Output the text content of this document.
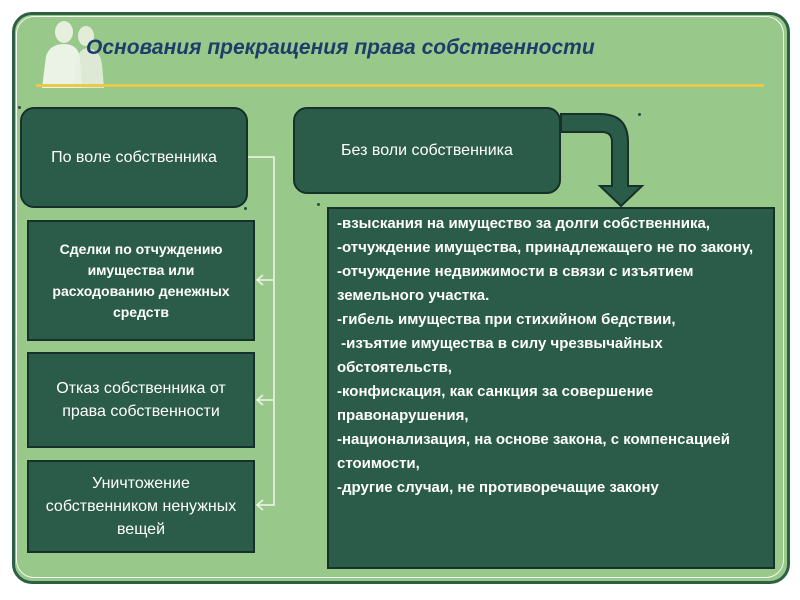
Основания прекращения права собственности
По воле собственника	Без воли собственника
Сделки по отчуждению имущества или расходованию денежных средств
Отказ собственника от права собственности
Уничтожение собственником ненужных вещей
-взыскания на имущество за долги собственника,
-отчуждение имущества, принадлежащего не по закону,
-отчуждение недвижимости в связи с изъятием земельного участка.
-гибель имущества при стихийном бедствии,
-изъятие имущества в силу чрезвычайных обстоятельств,
-конфискация, как санкция за совершение правонарушения,
-национализация, на основе закона, с компенсацией стоимости,
-другие случаи, не противоречащие закону
